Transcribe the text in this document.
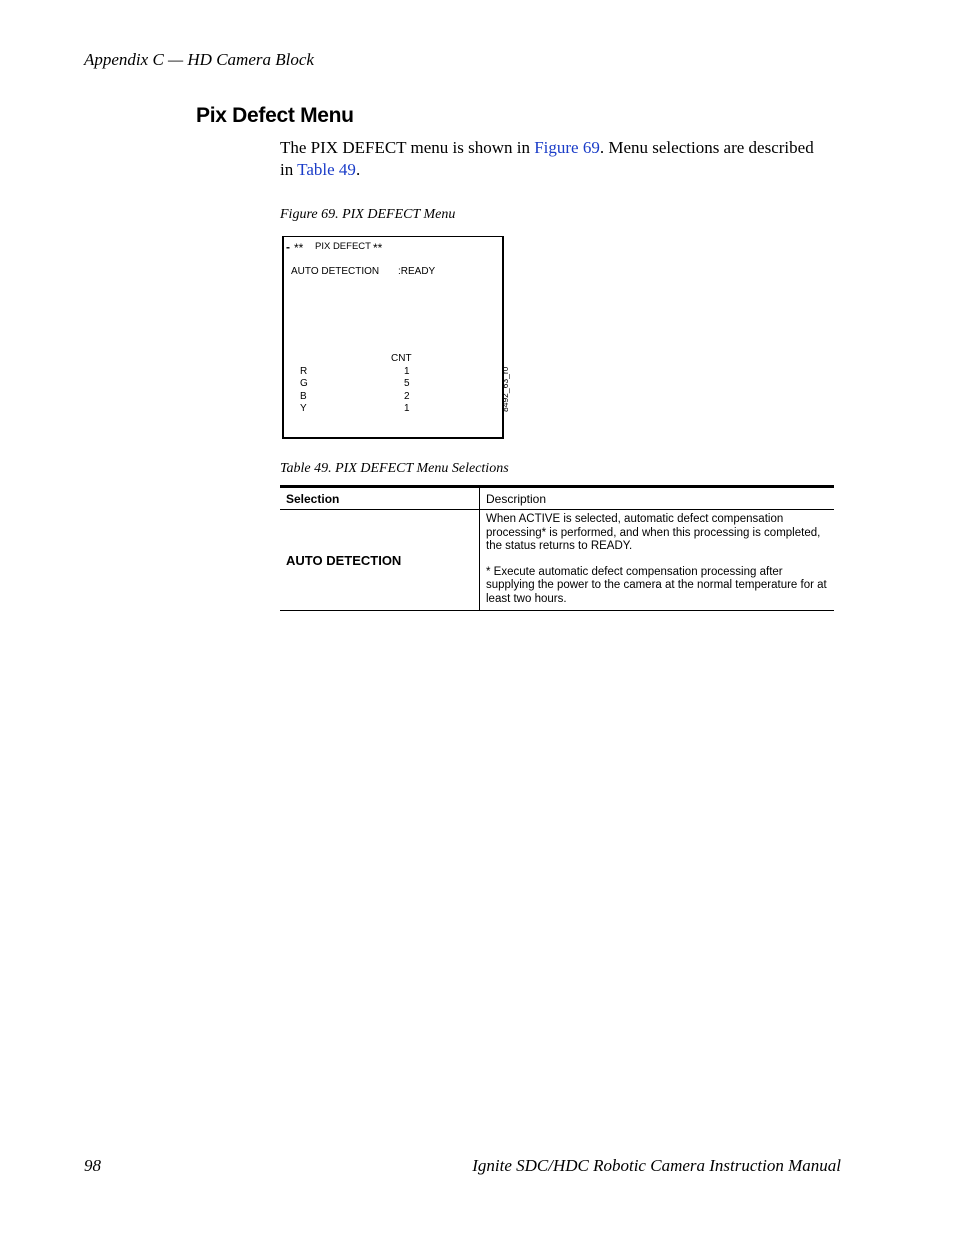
Appendix C — HD Camera Block
Pix Defect Menu
The PIX DEFECT menu is shown in Figure 69. Menu selections are described in Table 49.
Figure 69. PIX DEFECT Menu
- ** PIX DEFECT **
AUTO DETECTION :READY
CNT
R	1
G	5
B	2
Y	1	8492_63_r0
Table 49. PIX DEFECT Menu Selections
Selection	Description
AUTO DETECTION	When ACTIVE is selected, automatic defect compensation processing* is performed, and when this processing is completed, the status returns to READY.

* Execute automatic defect compensation processing after supplying the power to the camera at the normal temperature for at least two hours.

98	Ignite SDC/HDC Robotic Camera Instruction Manual
